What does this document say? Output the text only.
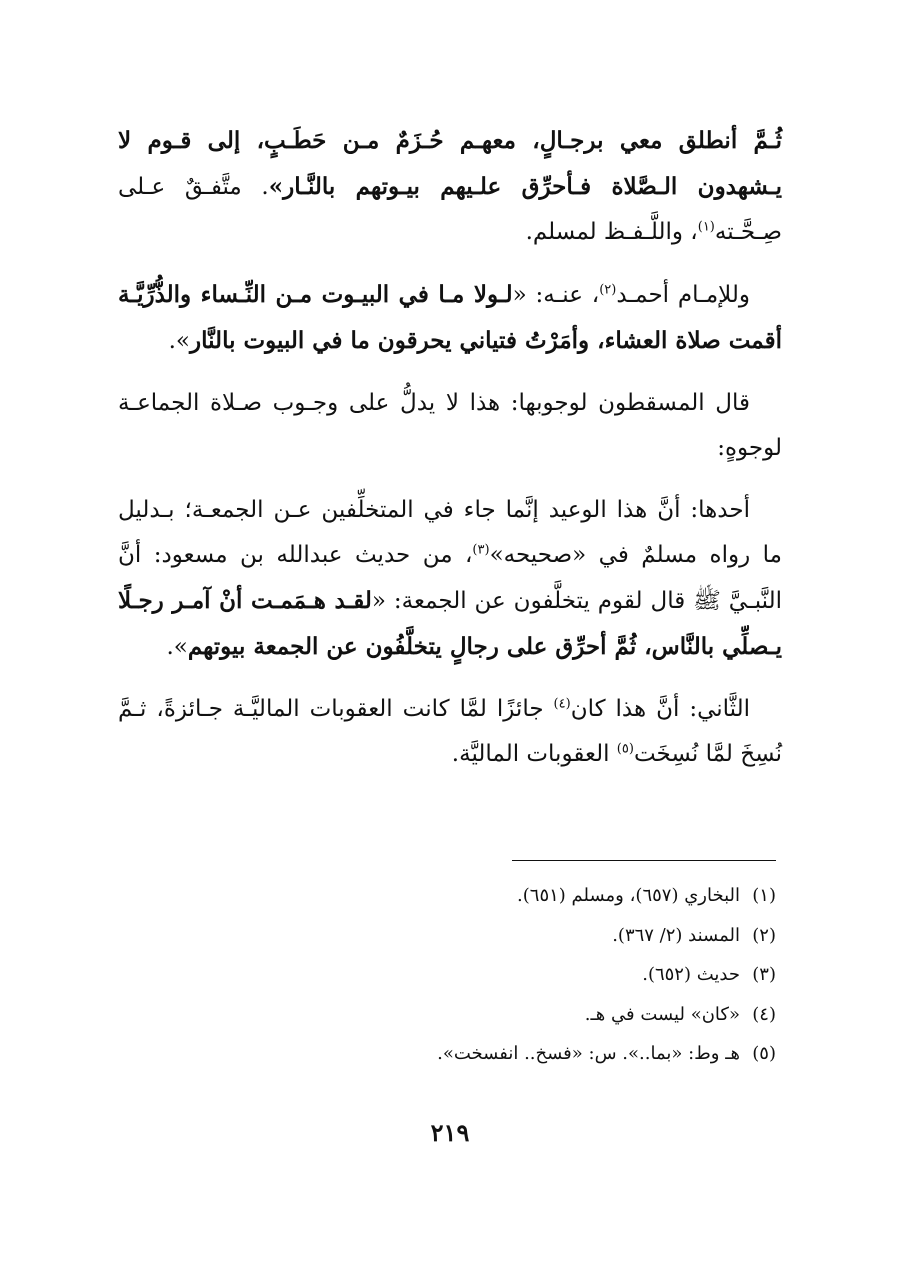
ثُـمَّ أنطلق معي برجـالٍ، معهـم حُـزَمٌ مـن حَطَـبٍ، إلى قـوم لا يـشهدون الـصَّلاة فـأحرِّق علـيهم بيـوتهم بالنَّـار». متَّفـقٌ عـلى صِـحَّـته$^{(١)}$، واللَّـفـظ لمسلم.

وللإمـام أحمـد$^{(٢)}$، عنـه: «لـولا مـا في البيـوت مـن النِّـساء والذُّرِّيَّـة أقمت صلاة العشاء، وأمَرْتُ فتياني يحرقون ما في البيوت بالنَّار».

قال المسقطون لوجوبها: هذا لا يدلُّ على وجـوب صـلاة الجماعـة لوجوهٍ:

أحدها: أنَّ هذا الوعيد إنَّما جاء في المتخلِّفين عـن الجمعـة؛ بـدليل ما رواه مسلمٌ في «صحيحه»$^{(٣)}$، من حديث عبدالله بن مسعود: أنَّ النَّبـيَّ ﷺ قال لقوم يتخلَّفون عن الجمعة: «لقـد هـمَمـت أنْ آمـر رجـلًا يـصلِّي بالنَّاس، ثُمَّ أحرِّق على رجالٍ يتخلَّفُون عن الجمعة بيوتهم».

الثَّاني: أنَّ هذا كان$^{(٤)}$ جائزًا لمَّا كانت العقوبات الماليَّـة جـائزةً، ثـمَّ نُسِخَ لمَّا نُسِخَت$^{(٥)}$ العقوبات الماليَّة.

(١)البخاري (٦٥٧)، ومسلم (٦٥١).
(٢)المسند (٢/ ٣٦٧).
(٣)حديث (٦٥٢).
(٤)«كان» ليست في هـ.
(٥)هـ وط: «بما..». س: «فسخ.. انفسخت».
٢١٩
